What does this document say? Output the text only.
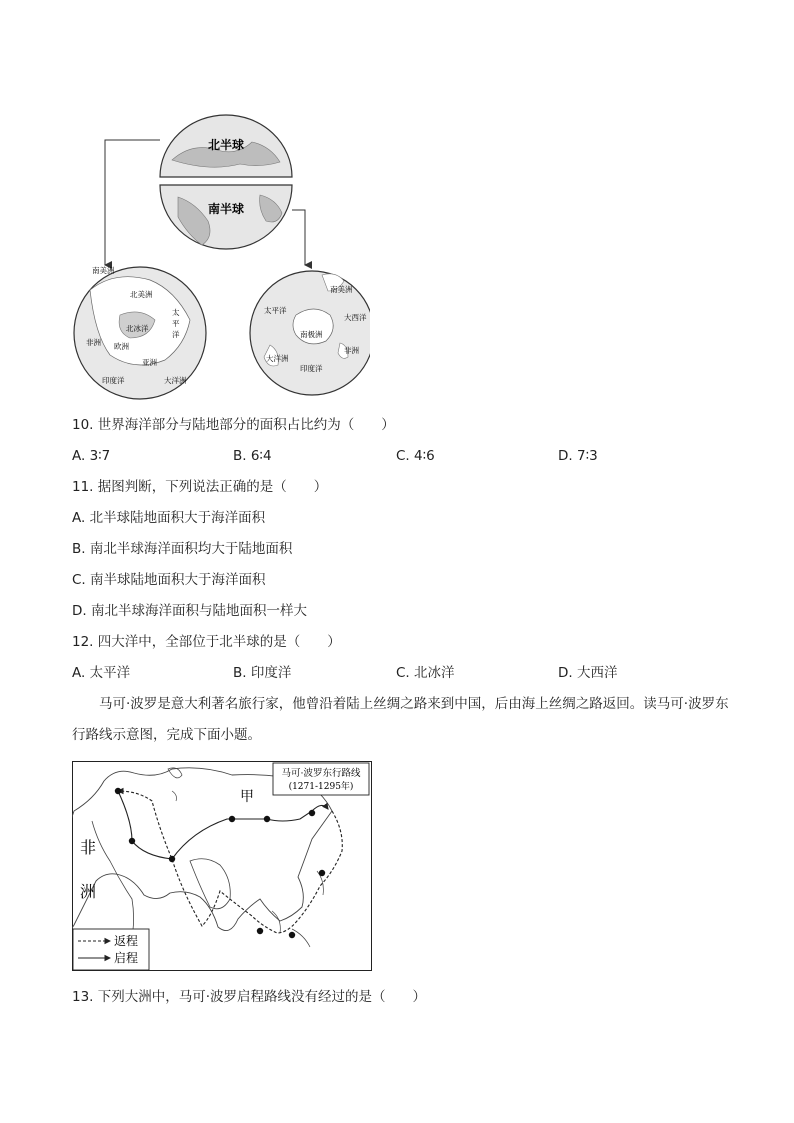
北半球
南半球
南美洲
北美洲
太
平
洋
北冰洋
非洲 欧洲
亚洲
印度洋	大洋洲
南美洲
太平洋
大西洋
南极洲
非洲
大洋洲
印度洋
10. 世界海洋部分与陆地部分的面积占比约为（　　）
A. 3∶7	B. 6∶4	C. 4∶6	D. 7∶3
11. 据图判断，下列说法正确的是（　　）
A. 北半球陆地面积大于海洋面积
B. 南北半球海洋面积均大于陆地面积
C. 南半球陆地面积大于海洋面积
D. 南北半球海洋面积与陆地面积一样大
12. 四大洋中，全部位于北半球的是（　　）
A. 太平洋	B. 印度洋	C. 北冰洋	D. 大西洋
马可·波罗是意大利著名旅行家，他曾沿着陆上丝绸之路来到中国，后由海上丝绸之路返回。读马可·波罗东行路线示意图，完成下面小题。
马可·波罗东行路线
(1271-1295年)
甲
非
洲
返程
启程
13. 下列大洲中，马可·波罗启程路线没有经过的是（　　）
